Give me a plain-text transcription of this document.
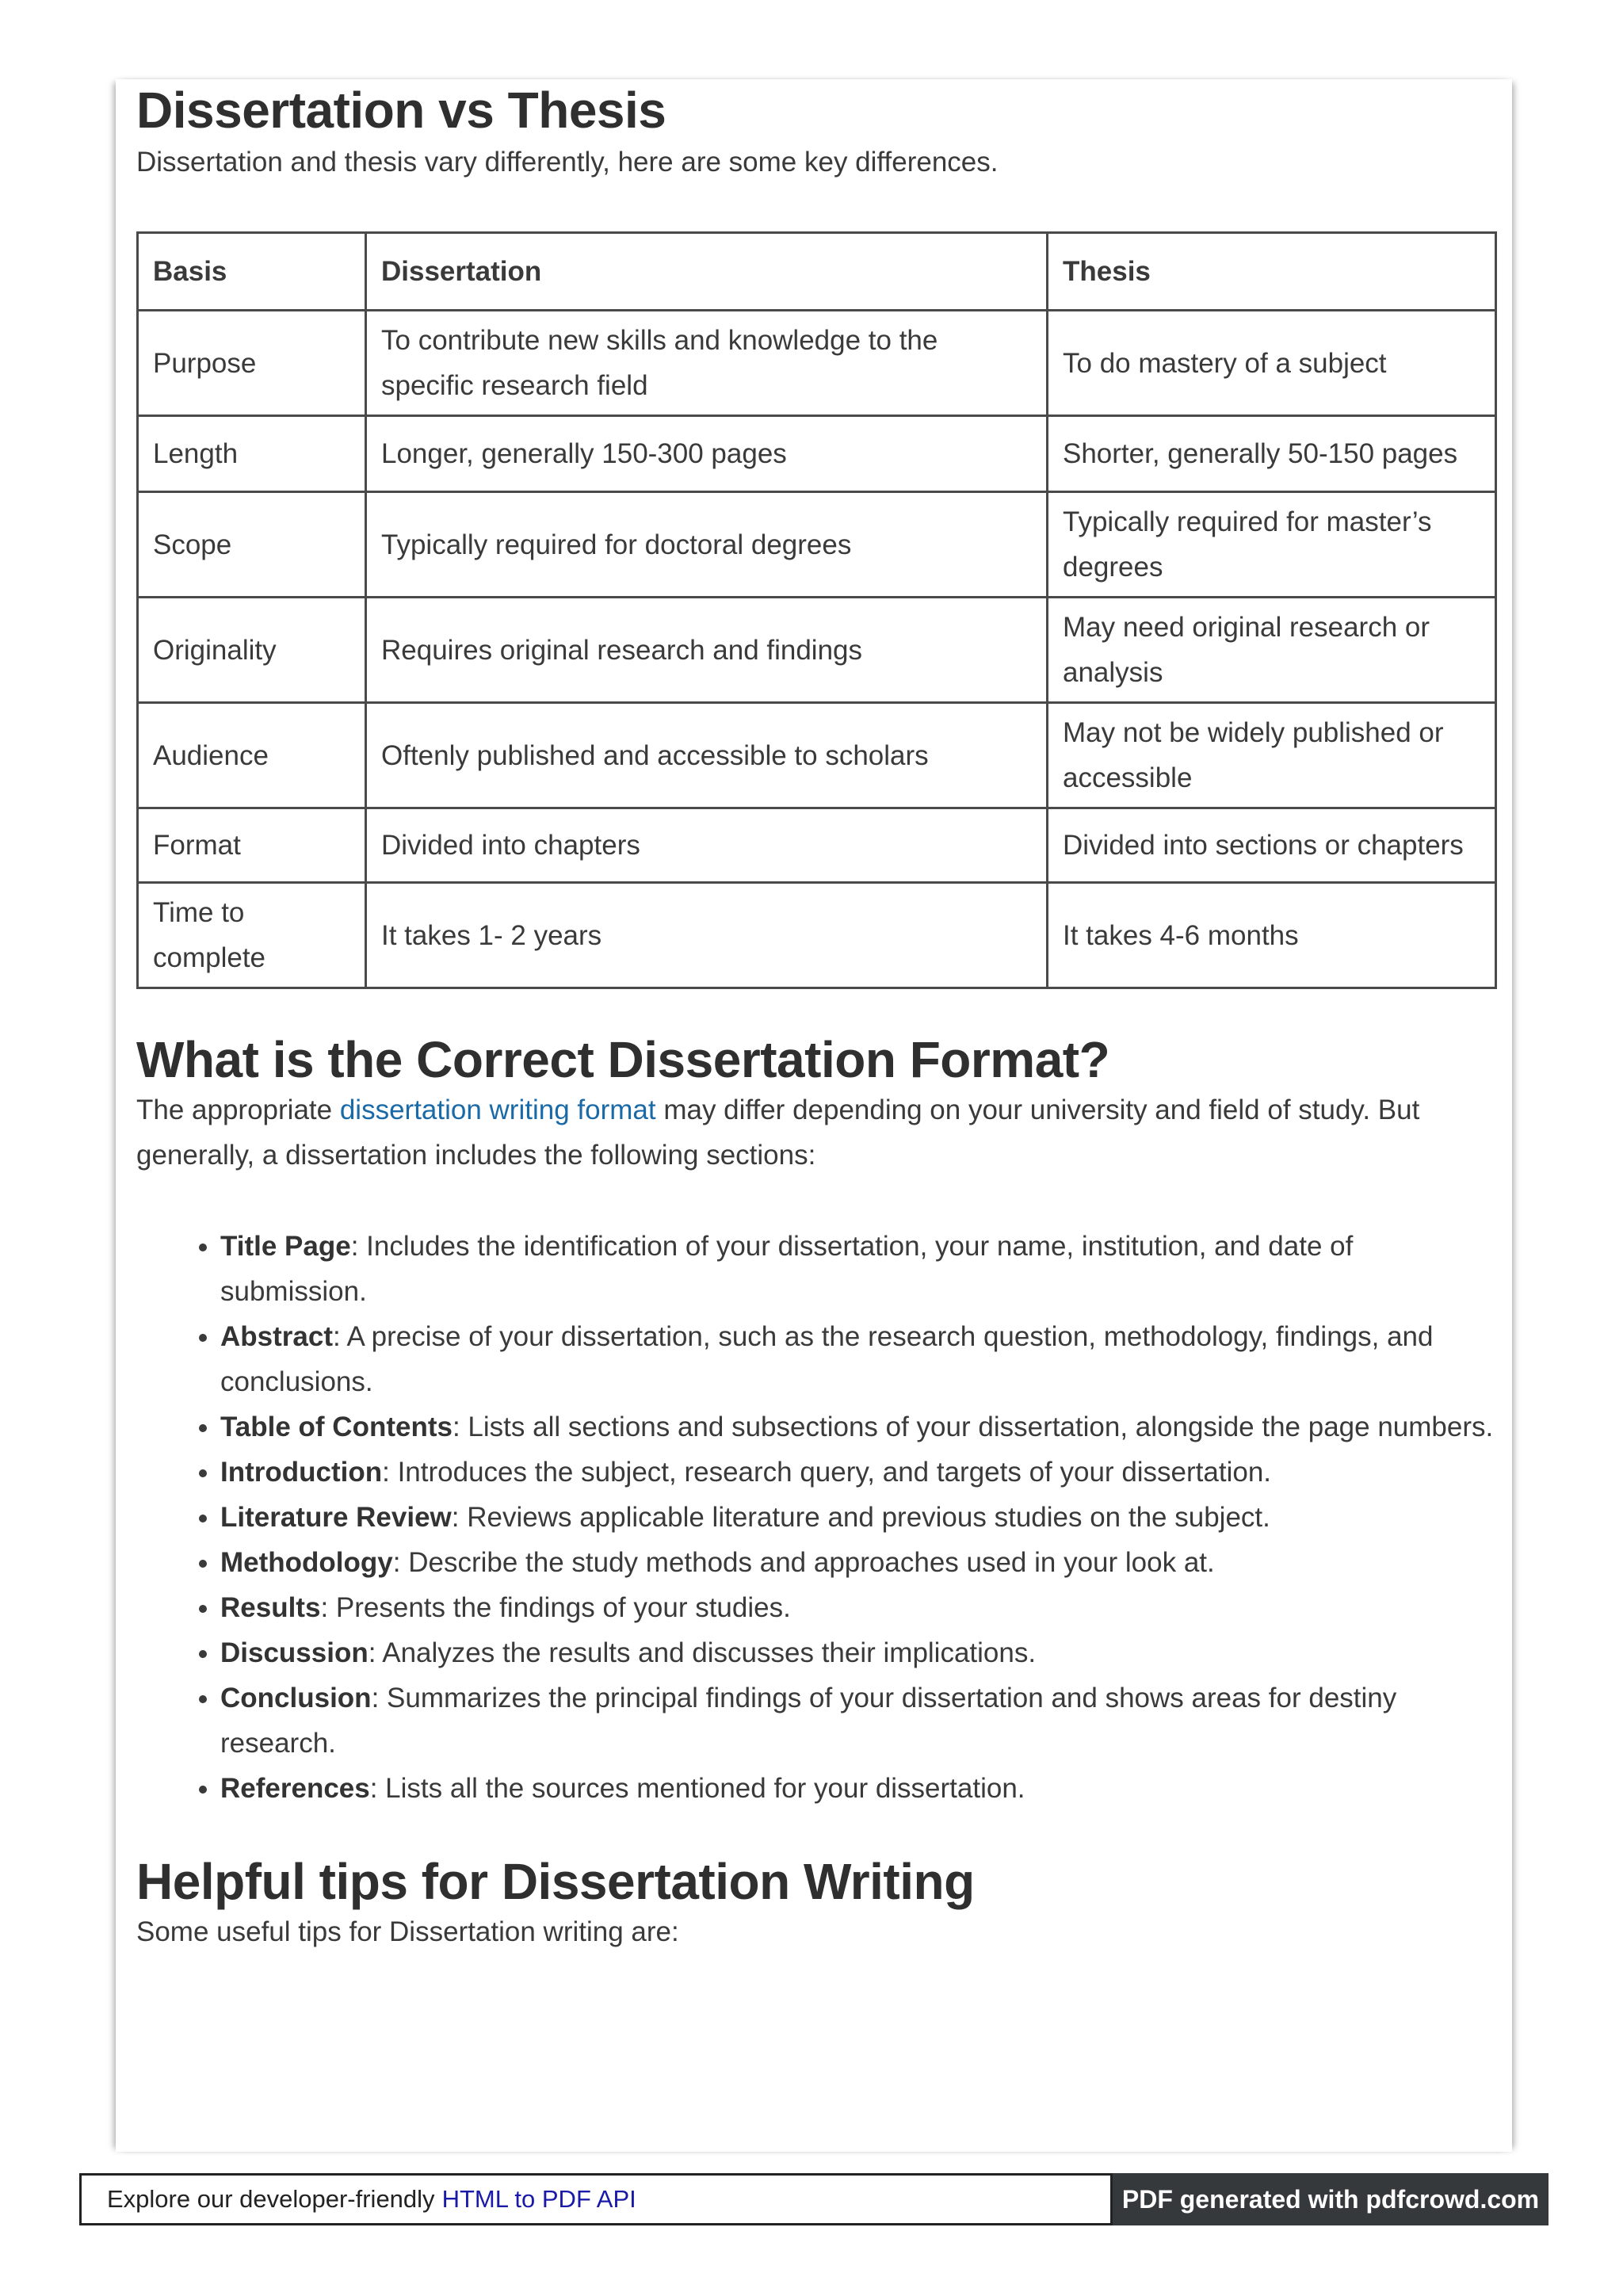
Dissertation vs Thesis

Dissertation and thesis vary differently, here are some key differences.

Basis	Dissertation	Thesis
Purpose	To contribute new skills and knowledge to the specific research field	To do mastery of a subject
Length	Longer, generally 150-300 pages	Shorter, generally 50-150 pages
Scope	Typically required for doctoral degrees	Typically required for master’s degrees
Originality	Requires original research and findings	May need original research or analysis
Audience	Oftenly published and accessible to scholars	May not be widely published or accessible
Format	Divided into chapters	Divided into sections or chapters
Time to complete	It takes 1- 2 years	It takes 4-6 months
What is the Correct Dissertation Format?

The appropriate dissertation writing format may differ depending on your university and field of study. But generally, a dissertation includes the following sections:

• Title Page: Includes the identification of your dissertation, your name, institution, and date of submission.
• Abstract: A precise of your dissertation, such as the research question, methodology, findings, and conclusions.
• Table of Contents: Lists all sections and subsections of your dissertation, alongside the page numbers.
• Introduction: Introduces the subject, research query, and targets of your dissertation.
• Literature Review: Reviews applicable literature and previous studies on the subject.
• Methodology: Describe the study methods and approaches used in your look at.
• Results: Presents the findings of your studies.
• Discussion: Analyzes the results and discusses their implications.
• Conclusion: Summarizes the principal findings of your dissertation and shows areas for destiny research.
• References: Lists all the sources mentioned for your dissertation.
Helpful tips for Dissertation Writing

Some useful tips for Dissertation writing are:

Explore our developer-friendly HTML to PDF API	PDF generated with pdfcrowd.com
